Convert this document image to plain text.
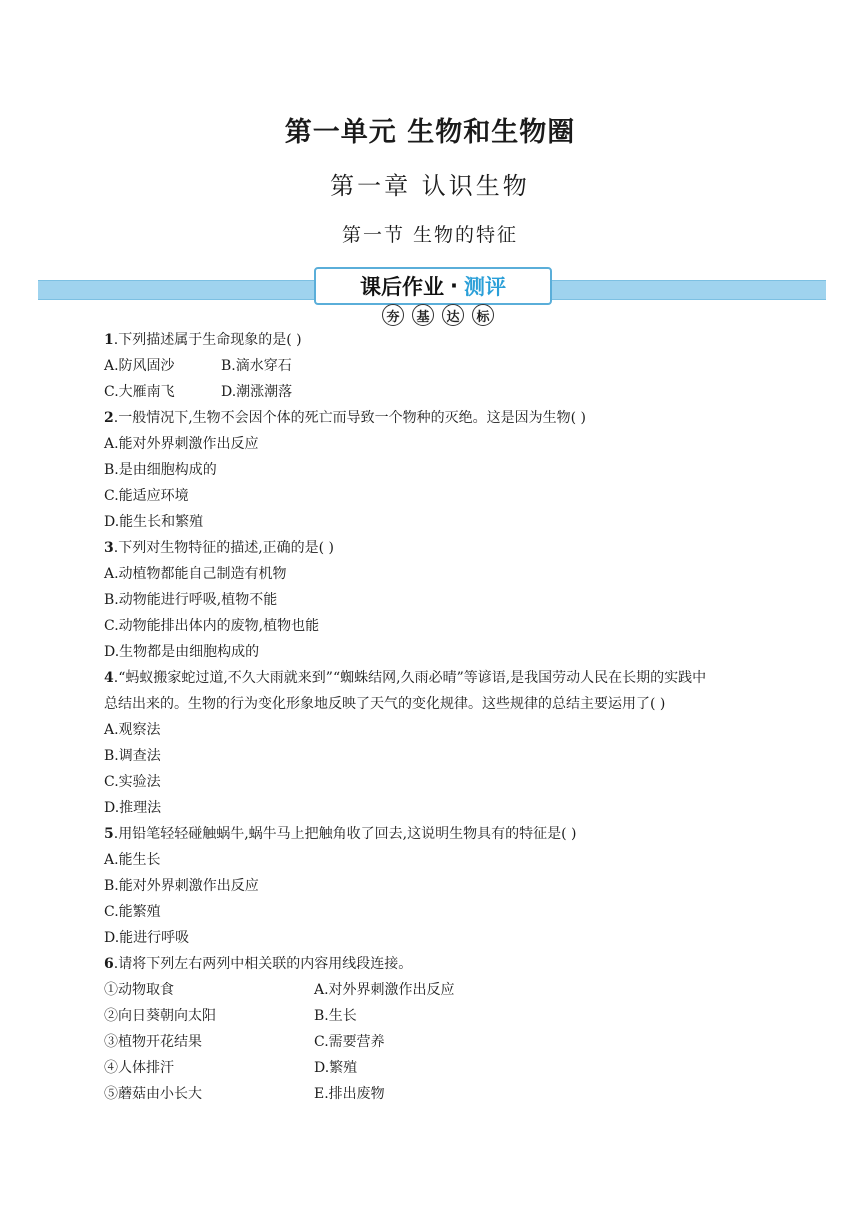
第一单元 生物和生物圈
第一章 认识生物
第一节 生物的特征
课后作业 · 测评
夯	基	达	标
1.下列描述属于生命现象的是( )
A.防风固沙	B.滴水穿石
C.大雁南飞	D.潮涨潮落
2.一般情况下,生物不会因个体的死亡而导致一个物种的灭绝。这是因为生物( )
A.能对外界刺激作出反应
B.是由细胞构成的
C.能适应环境
D.能生长和繁殖
3.下列对生物特征的描述,正确的是( )
A.动植物都能自己制造有机物
B.动物能进行呼吸,植物不能
C.动物能排出体内的废物,植物也能
D.生物都是由细胞构成的
4.“蚂蚁搬家蛇过道,不久大雨就来到”“蜘蛛结网,久雨必晴”等谚语,是我国劳动人民在长期的实践中
总结出来的。生物的行为变化形象地反映了天气的变化规律。这些规律的总结主要运用了( )
A.观察法
B.调查法
C.实验法
D.推理法
5.用铅笔轻轻碰触蜗牛,蜗牛马上把触角收了回去,这说明生物具有的特征是( )
A.能生长
B.能对外界刺激作出反应
C.能繁殖
D.能进行呼吸
6.请将下列左右两列中相关联的内容用线段连接。
①动物取食	A.对外界刺激作出反应
②向日葵朝向太阳	B.生长
③植物开花结果	C.需要营养
④人体排汗	D.繁殖
⑤蘑菇由小长大	E.排出废物
